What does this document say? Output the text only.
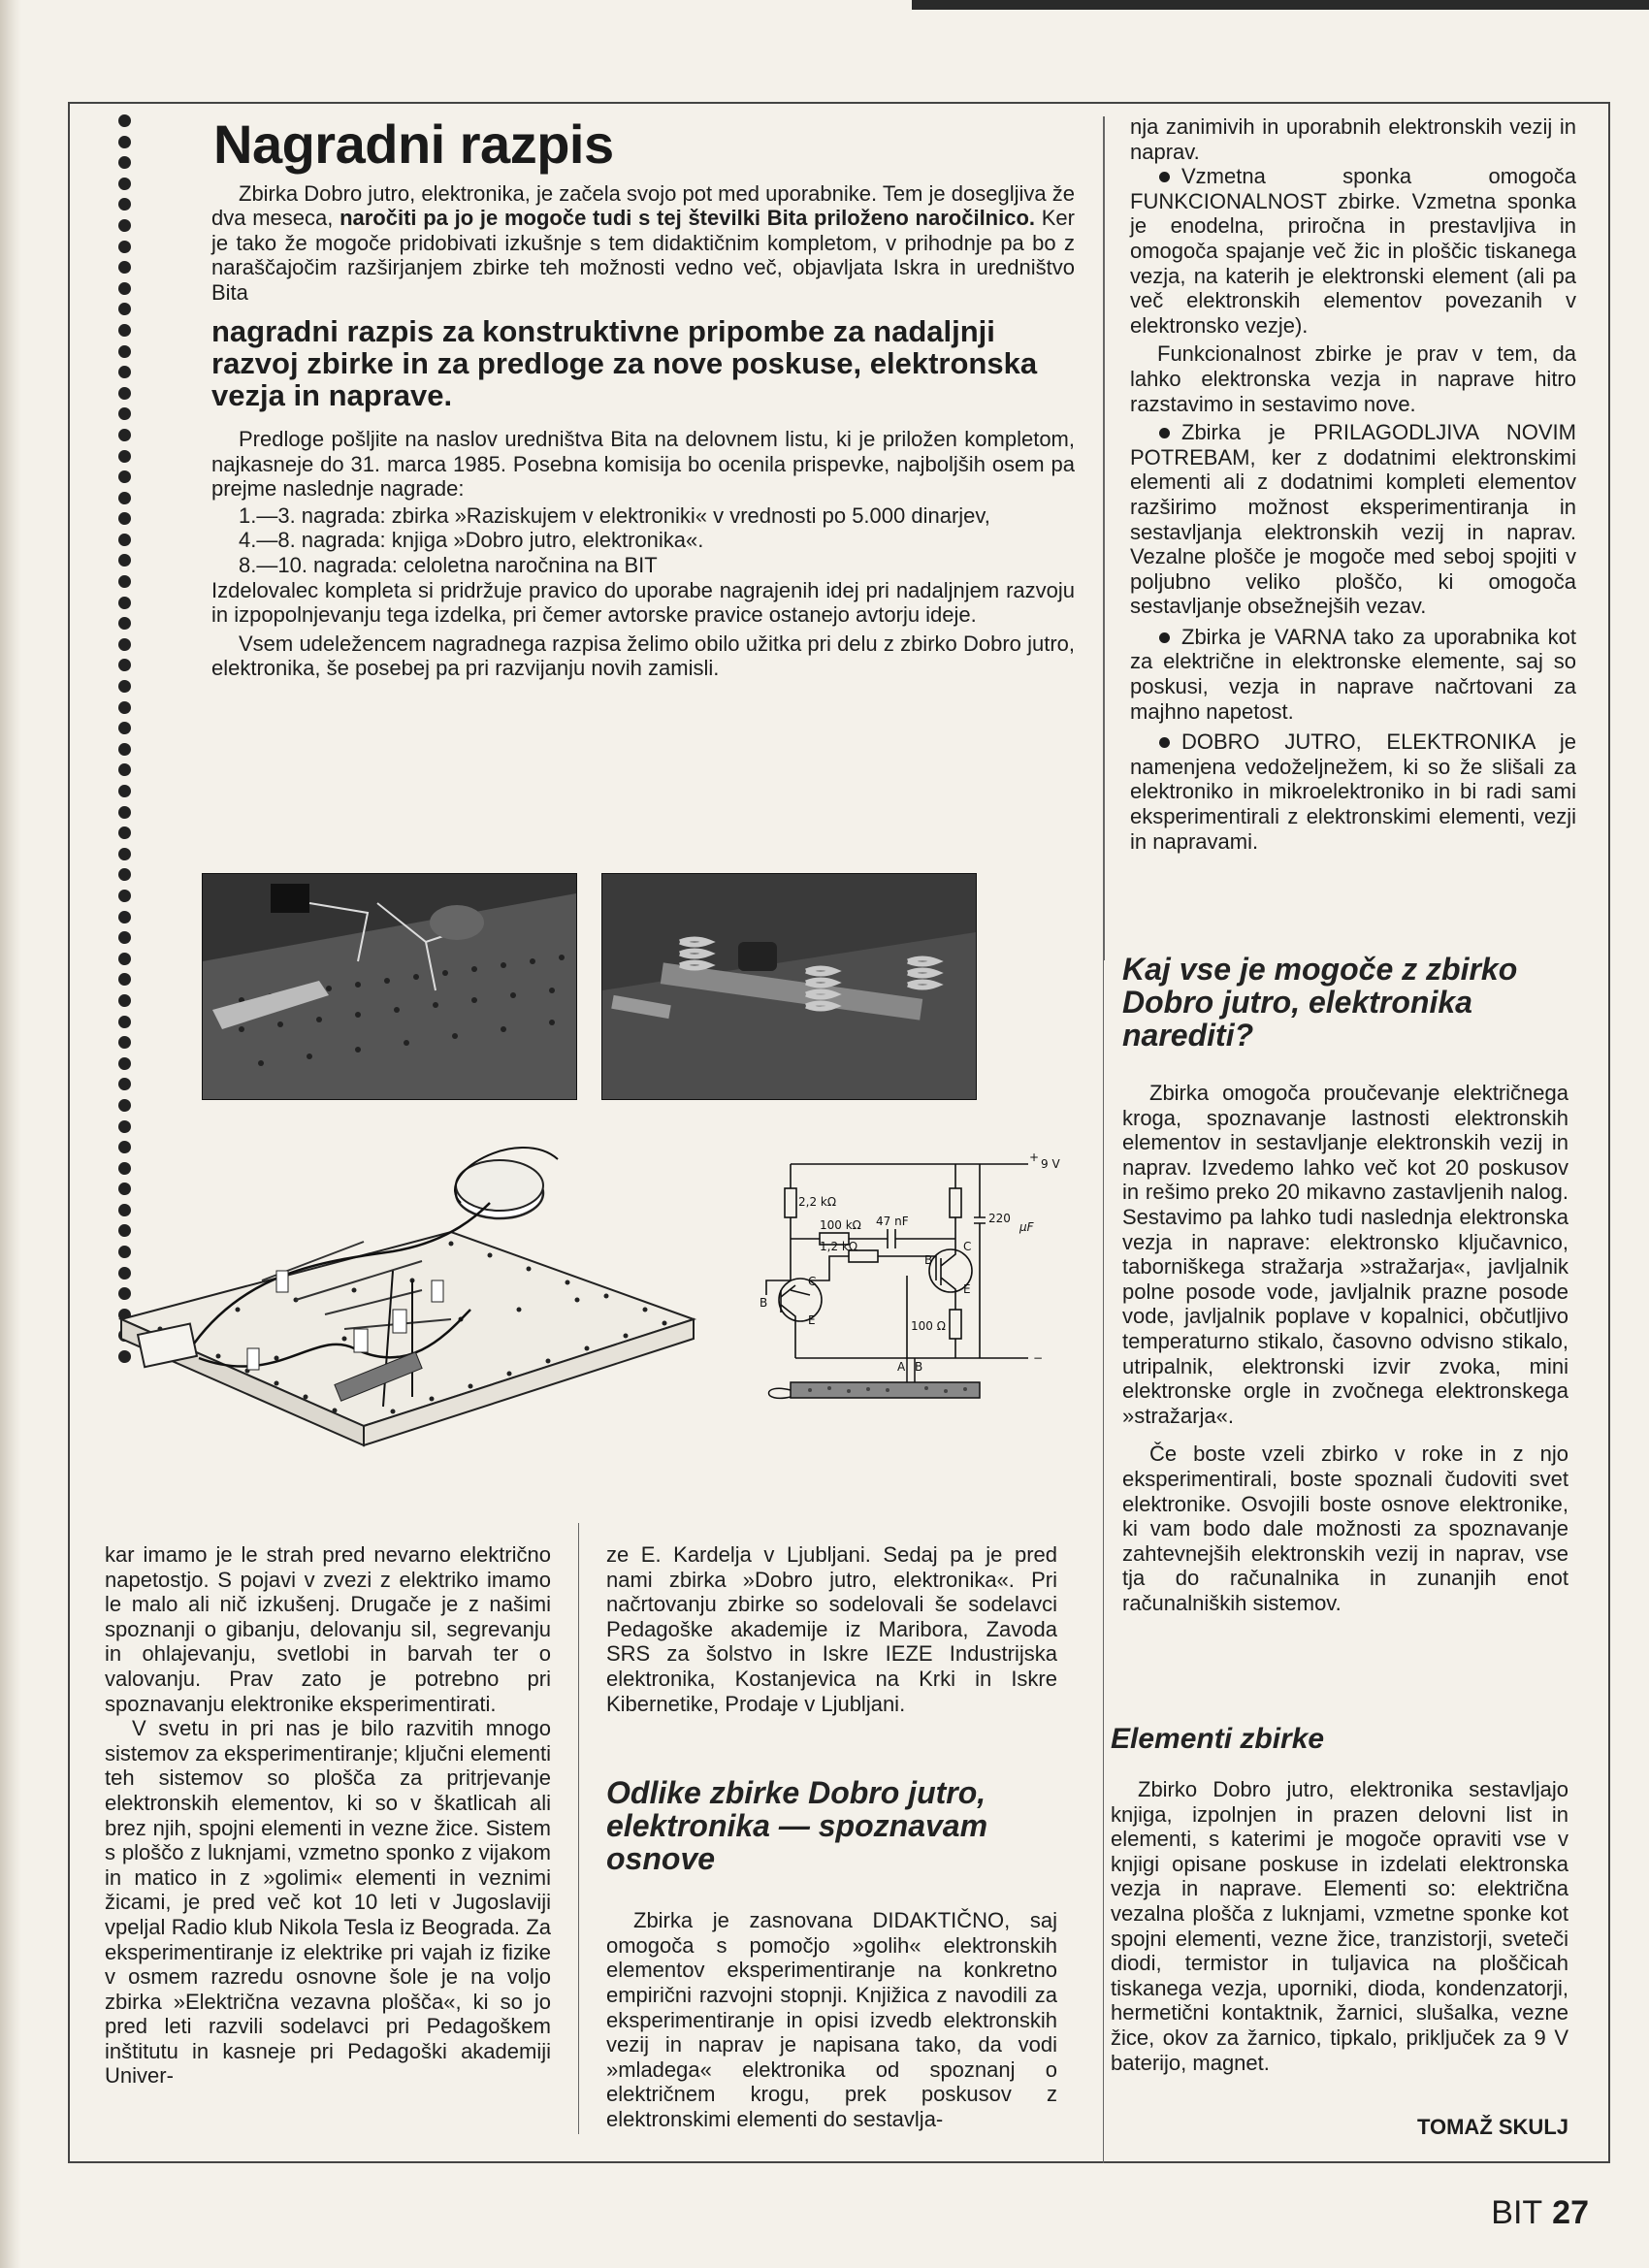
Nagradni razpis

Zbirka Dobro jutro, elektronika, je začela svojo pot med uporabnike. Tem je dosegljiva že dva meseca, naročiti pa jo je mogoče tudi s tej številki Bita priloženo naročilnico. Ker je tako že mogoče pridobivati izkušnje s tem didaktičnim kompletom, v prihodnje pa bo z naraščajočim razširjanjem zbirke teh možnosti vedno več, objavljata Iskra in uredništvo Bita

nagradni razpis za konstruktivne pripombe za nadaljnji razvoj zbirke in za predloge za nove poskuse, elektronska vezja in naprave.

Predloge pošljite na naslov uredništva Bita na delovnem listu, ki je priložen kompletom, najkasneje do 31. marca 1985. Posebna komisija bo ocenila prispevke, najboljših osem pa prejme naslednje nagrade:

1.—3. nagrada: zbirka »Raziskujem v elektroniki« v vrednosti po 5.000 dinarjev,

4.—8. nagrada: knjiga »Dobro jutro, elektronika«.

8.—10. nagrada: celoletna naročnina na BIT

Izdelovalec kompleta si pridržuje pravico do uporabe nagrajenih idej pri nadaljnjem razvoju in izpopolnjevanju tega izdelka, pri čemer avtorske pravice ostanejo avtorju ideje.

Vsem udeležencem nagradnega razpisa želimo obilo užitka pri delu z zbirko Dobro jutro, elektronika, še posebej pa pri razvijanju novih zamisli.

nja zanimivih in uporabnih elektronskih vezij in naprav.

Vzmetna sponka omogoča FUNKCIONALNOST zbirke. Vzmetna sponka je enodelna, priročna in prestavljiva in omogoča spajanje več žic in ploščic tiskanega vezja, na katerih je elektronski element (ali pa več elektronskih elementov povezanih v elektronsko vezje).

Funkcionalnost zbirke je prav v tem, da lahko elektronska vezja in naprave hitro razstavimo in sestavimo nove.

Zbirka je PRILAGODLJIVA NOVIM POTREBAM, ker z dodatnimi elektronskimi elementi ali z dodatnimi kompleti elementov razširimo možnost eksperimentiranja in sestavljanja elektronskih vezij in naprav. Vezalne plošče je mogoče med seboj spojiti v poljubno veliko ploščo, ki omogoča sestavljanje obsežnejših vezav.

Zbirka je VARNA tako za uporabnika kot za električne in elektronske elemente, saj so poskusi, vezja in naprave načrtovani za majhno napetost.

DOBRO JUTRO, ELEKTRONIKA je namenjena vedoželjnežem, ki so že slišali za elektroniko in mikroelektroniko in bi radi sami eksperimentirali z elektronskimi elementi, vezji in napravami.

Kaj vse je mogoče z zbirko Dobro jutro, elektronika narediti?

Zbirka omogoča proučevanje električnega kroga, spoznavanje lastnosti elektronskih elementov in sestavljanje elektronskih vezij in naprav. Izvedemo lahko več kot 20 poskusov in rešimo preko 20 mikavno zastavljenih nalog. Sestavimo pa lahko tudi naslednja elektronska vezja in naprave: elektronsko ključavnico, taborniškega stražarja »stražarja«, javljalnik polne posode vode, javljalnik prazne posode vode, javljalnik poplave v kopalnici, občutljivo temperaturno stikalo, časovno odvisno stikalo, utripalnik, elektronski izvir zvoka, mini elektronske orgle in zvočnega elektronskega »stražarja«.

Če boste vzeli zbirko v roke in z njo eksperimentirali, boste spoznali čudoviti svet elektronike. Osvojili boste osnove elektronike, ki vam bodo dale možnosti za spoznavanje zahtevnejših elektronskih vezij in naprav, vse tja do računalnika in zunanjih enot računalniških sistemov.

Elementi zbirke

Zbirko Dobro jutro, elektronika sestavljajo knjiga, izpolnjen in prazen delovni list in elementi, s katerimi je mogoče opraviti vse v knjigi opisane poskuse in izdelati elektronska vezja in naprave. Elementi so: električna vezalna plošča z luknjami, vzmetne sponke kot spojni elementi, vezne žice, tranzistorji, sveteči diodi, termistor in tuljavica na ploščicah tiskanega vezja, uporniki, dioda, kondenzatorji, hermetični kontaktnik, žarnici, slušalka, vezne žice, okov za žarnico, tipkalo, priključek za 9 V baterijo, magnet.

TOMAŽ SKULJ

kar imamo je le strah pred nevarno električno napetostjo. S pojavi v zvezi z elektriko imamo le malo ali nič izkušenj. Drugače je z našimi spoznanji o gibanju, delovanju sil, segrevanju in ohlajevanju, svetlobi in barvah ter o valovanju. Prav zato je potrebno pri spoznavanju elektronike eksperimentirati.

V svetu in pri nas je bilo razvitih mnogo sistemov za eksperimentiranje; ključni elementi teh sistemov so plošča za pritrjevanje elektronskih elementov, ki so v škatlicah ali brez njih, spojni elementi in vezne žice. Sistem s ploščo z luknjami, vzmetno sponko z vijakom in matico in z »golimi« elementi in veznimi žicami, je pred več kot 10 leti v Jugoslaviji vpeljal Radio klub Nikola Tesla iz Beograda. Za eksperimentiranje iz elektrike pri vajah iz fizike v osmem razredu osnovne šole je na voljo zbirka »Električna vezavna plošča«, ki so jo pred leti razvili sodelavci pri Pedagoškem inštitutu in kasneje pri Pedagoški akademiji Univer-

ze E. Kardelja v Ljubljani. Sedaj pa je pred nami zbirka »Dobro jutro, elektronika«. Pri načrtovanju zbirke so sodelovali še sodelavci Pedagoške akademije iz Maribora, Zavoda SRS za šolstvo in Iskre IEZE Industrijska elektronika, Kostanjevica na Krki in Iskre Kibernetike, Prodaje v Ljubljani.

Odlike zbirke Dobro jutro, elektronika — spoznavam osnove

Zbirka je zasnovana DIDAKTIČNO, saj omogoča s pomočjo »golih« elektronskih elementov eksperimentiranje na konkretno empirični razvojni stopnji. Knjižica z navodili za eksperimentiranje in opisi izvedb elektronskih vezij in naprav je napisana tako, da vodi »mladega« elektronika od spoznanj o električnem krogu, prek poskusov z elektronskimi elementi do sestavlja-

2,2 kΩ
100 kΩ 47 nF
1,2 kΩ
100 Ω
220
µF
9 V
+
−
B
C
E
B
C
E
A B
BIT 27
